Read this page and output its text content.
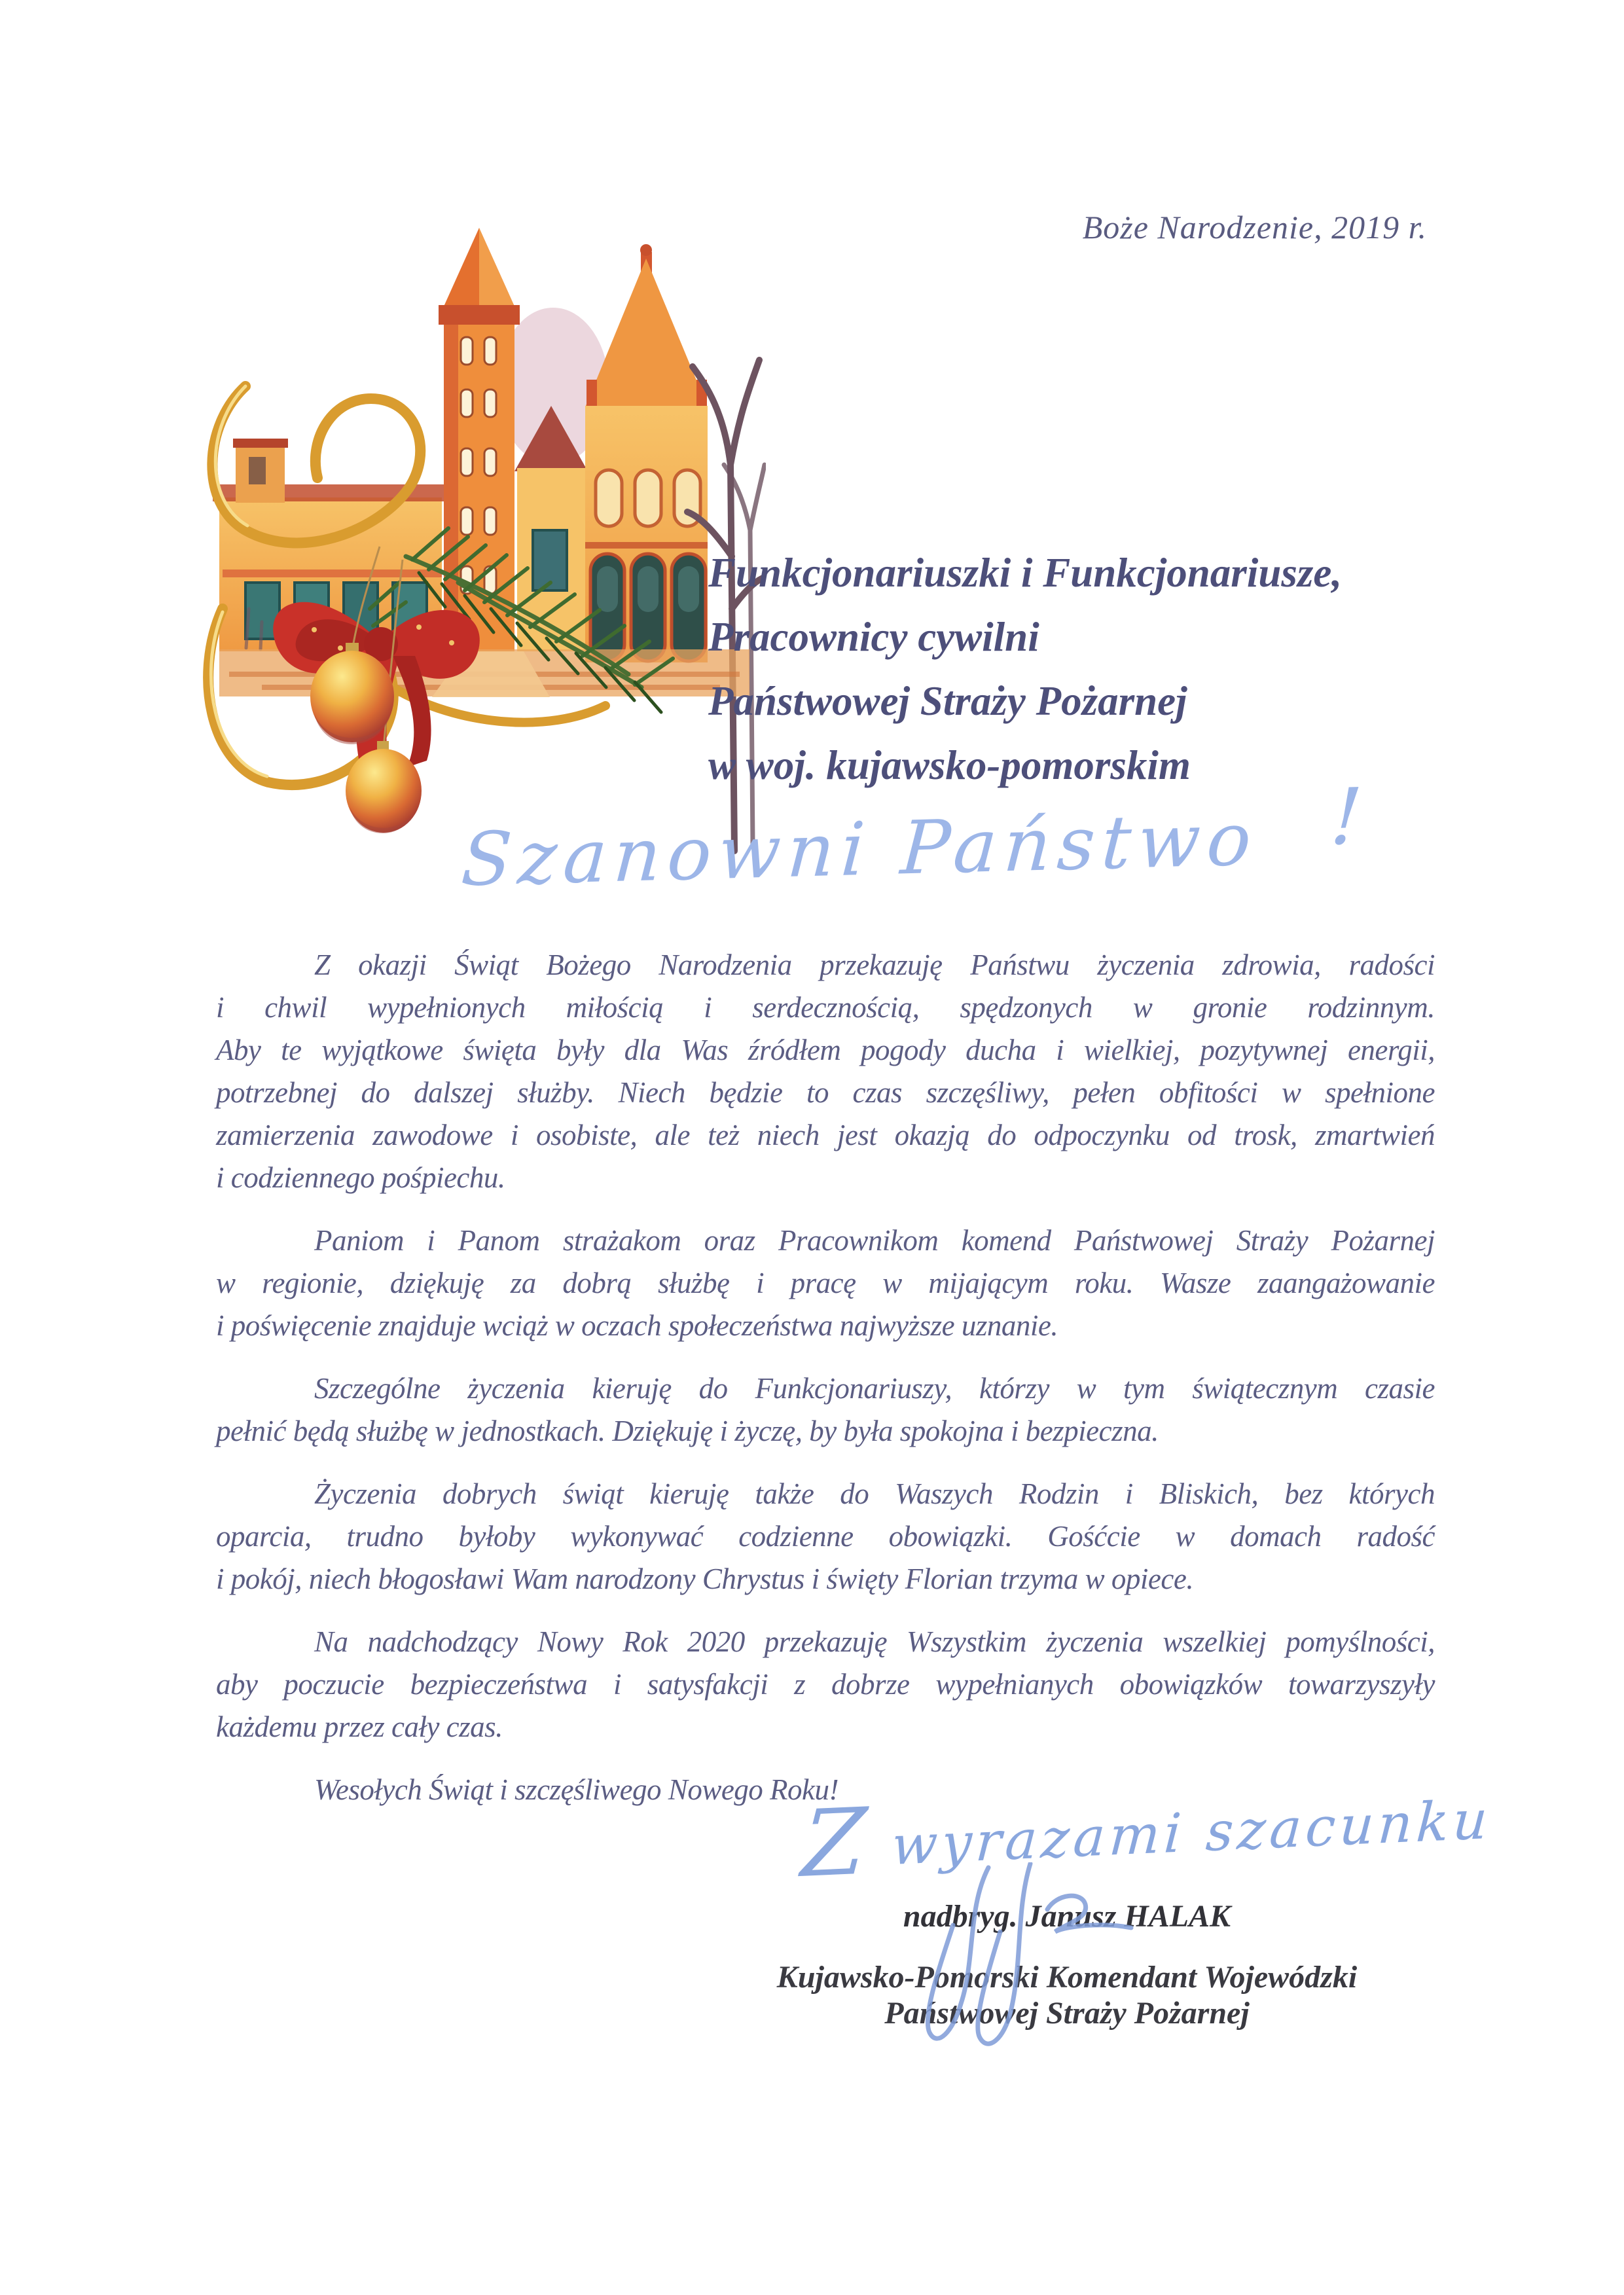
Boże Narodzenie, 2019 r.
Funkcjonariuszki i Funkcjonariusze,
Pracownicy cywilni
Państwowej Straży Pożarnej
w woj. kujawsko-pomorskim
Szanowni Państwo !
Z okazji Świąt Bożego Narodzenia przekazuję Państwu życzenia zdrowia, radości
i chwil wypełnionych miłością i serdecznością, spędzonych w gronie rodzinnym.
Aby te wyjątkowe święta były dla Was źródłem pogody ducha i wielkiej, pozytywnej energii,
potrzebnej do dalszej służby. Niech będzie to czas szczęśliwy, pełen obfitości w spełnione
zamierzenia zawodowe i osobiste, ale też niech jest okazją do odpoczynku od trosk, zmartwień
i codziennego pośpiechu.
Paniom i Panom strażakom oraz Pracownikom komend Państwowej Straży Pożarnej
w regionie, dziękuję za dobrą służbę i pracę w mijającym roku. Wasze zaangażowanie
i poświęcenie znajduje wciąż w oczach społeczeństwa najwyższe uznanie.
Szczególne życzenia kieruję do Funkcjonariuszy, którzy w tym świątecznym czasie
pełnić będą służbę w jednostkach. Dziękuję i życzę, by była spokojna i bezpieczna.
Życzenia dobrych świąt kieruję także do Waszych Rodzin i Bliskich, bez których
oparcia, trudno byłoby wykonywać codzienne obowiązki. Gośćcie w domach radość
i pokój, niech błogosławi Wam narodzony Chrystus i święty Florian trzyma w opiece.
Na nadchodzący Nowy Rok 2020 przekazuję Wszystkim życzenia wszelkiej pomyślności,
aby poczucie bezpieczeństwa i satysfakcji z dobrze wypełnianych obowiązków towarzyszyły
każdemu przez cały czas.
Wesołych Świąt i szczęśliwego Nowego Roku!
Zwyrazami szacunku
nadbryg. Janusz HALAK
Kujawsko-Pomorski Komendant Wojewódzki
Państwowej Straży Pożarnej
